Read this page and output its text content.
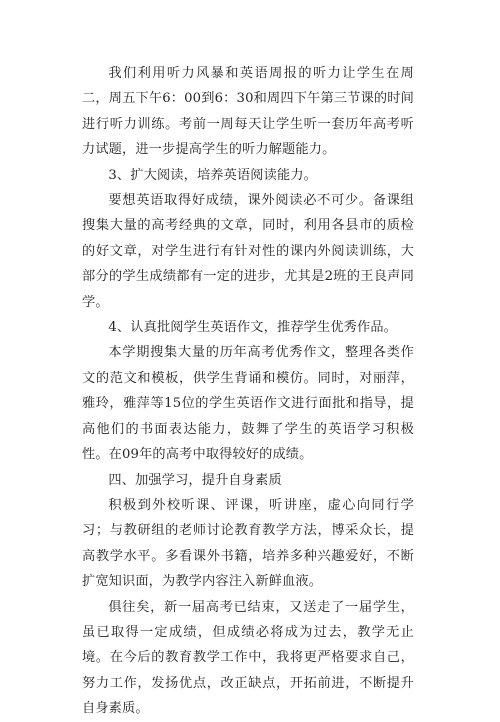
我们利用听力风暴和英语周报的听力让学生在周二，周五下午6：00到6：30和周四下午第三节课的时间进行听力训练。考前一周每天让学生听一套历年高考听力试题，进一步提高学生的听力解题能力。

3、扩大阅读，培养英语阅读能力。

要想英语取得好成绩，课外阅读必不可少。备课组搜集大量的高考经典的文章，同时，利用各县市的质检的好文章，对学生进行有针对性的课内外阅读训练，大部分的学生成绩都有一定的进步，尤其是2班的王良声同学。

4、认真批阅学生英语作文，推荐学生优秀作品。

本学期搜集大量的历年高考优秀作文，整理各类作文的范文和模板，供学生背诵和模仿。同时，对丽萍，雅玲，雅萍等15位的学生英语作文进行面批和指导，提高他们的书面表达能力，鼓舞了学生的英语学习积极性。在09年的高考中取得较好的成绩。

四、加强学习，提升自身素质

积极到外校听课、评课，听讲座，虚心向同行学习；与教研组的老师讨论教育教学方法，博采众长，提高教学水平。多看课外书籍，培养多种兴趣爱好，不断扩宽知识面，为教学内容注入新鲜血液。

俱往矣，新一届高考已结束，又送走了一届学生，虽已取得一定成绩，但成绩必将成为过去，教学无止境。在今后的教育教学工作中，我将更严格要求自己，努力工作，发扬优点，改正缺点，开拓前进，不断提升自身素质。
